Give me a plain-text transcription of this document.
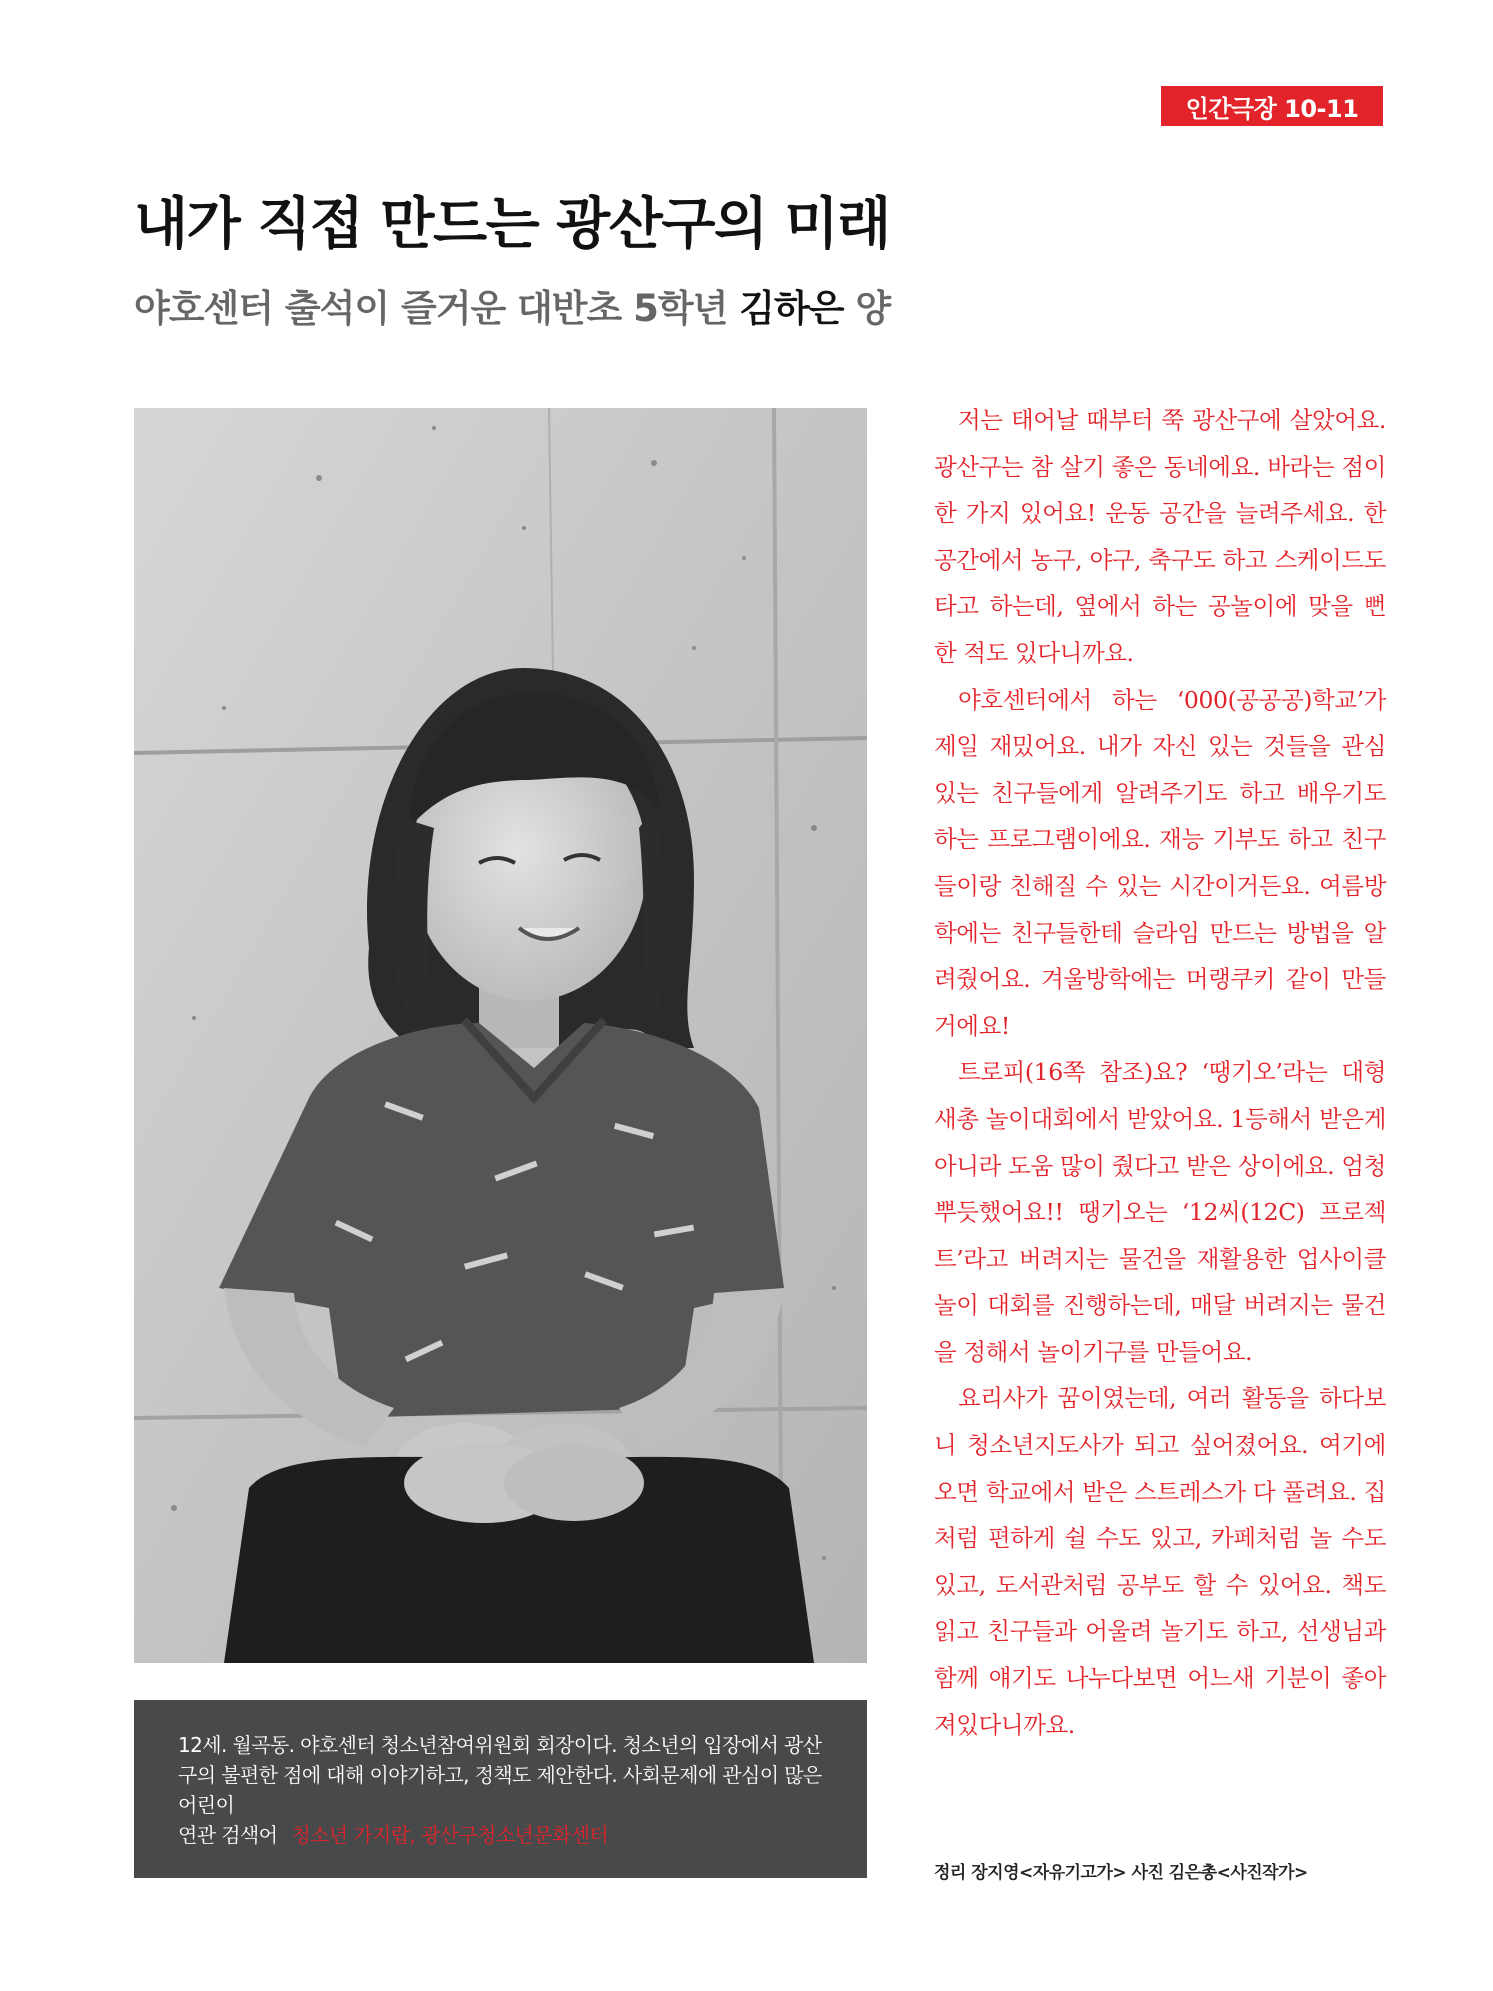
인간극장 10-11
내가 직접 만드는 광산구의 미래
야호센터 출석이 즐거운 대반초 5학년 김하은 양
12세. 월곡동. 야호센터 청소년참여위원회 회장이다. 청소년의 입장에서 광산구의 불편한 점에 대해 이야기하고, 정책도 제안한다. 사회문제에 관심이 많은 어린이
연관 검색어 청소년 가지랍, 광산구청소년문화센터

저는 태어날 때부터 쭉 광산구에 살았어요. 광산구는 참 살기 좋은 동네에요. 바라는 점이 한 가지 있어요! 운동 공간을 늘려주세요. 한 공간에서 농구, 야구, 축구도 하고 스케이드도 타고 하는데, 옆에서 하는 공놀이에 맞을 뻔 한 적도 있다니까요.

야호센터에서 하는 ‘000(공공공)학교’가 제일 재밌어요. 내가 자신 있는 것들을 관심 있는 친구들에게 알려주기도 하고 배우기도 하는 프로그램이에요. 재능 기부도 하고 친구들이랑 친해질 수 있는 시간이거든요. 여름방학에는 친구들한테 슬라임 만드는 방법을 알려줬어요. 겨울방학에는 머랭쿠키 같이 만들거에요!

트로피(16쪽 참조)요? ‘땡기오’라는 대형 새총 놀이대회에서 받았어요. 1등해서 받은게 아니라 도움 많이 줬다고 받은 상이에요. 엄청 뿌듯했어요!! 땡기오는 ‘12씨(12C) 프로젝트’라고 버려지는 물건을 재활용한 업사이클 놀이 대회를 진행하는데, 매달 버려지는 물건을 정해서 놀이기구를 만들어요.

요리사가 꿈이였는데, 여러 활동을 하다보니 청소년지도사가 되고 싶어졌어요. 여기에 오면 학교에서 받은 스트레스가 다 풀려요. 집처럼 편하게 쉴 수도 있고, 카페처럼 놀 수도 있고, 도서관처럼 공부도 할 수 있어요. 책도 읽고 친구들과 어울려 놀기도 하고, 선생님과 함께 얘기도 나누다보면 어느새 기분이 좋아져있다니까요.

정리 장지영<자유기고가> 사진 김은총<사진작가>
